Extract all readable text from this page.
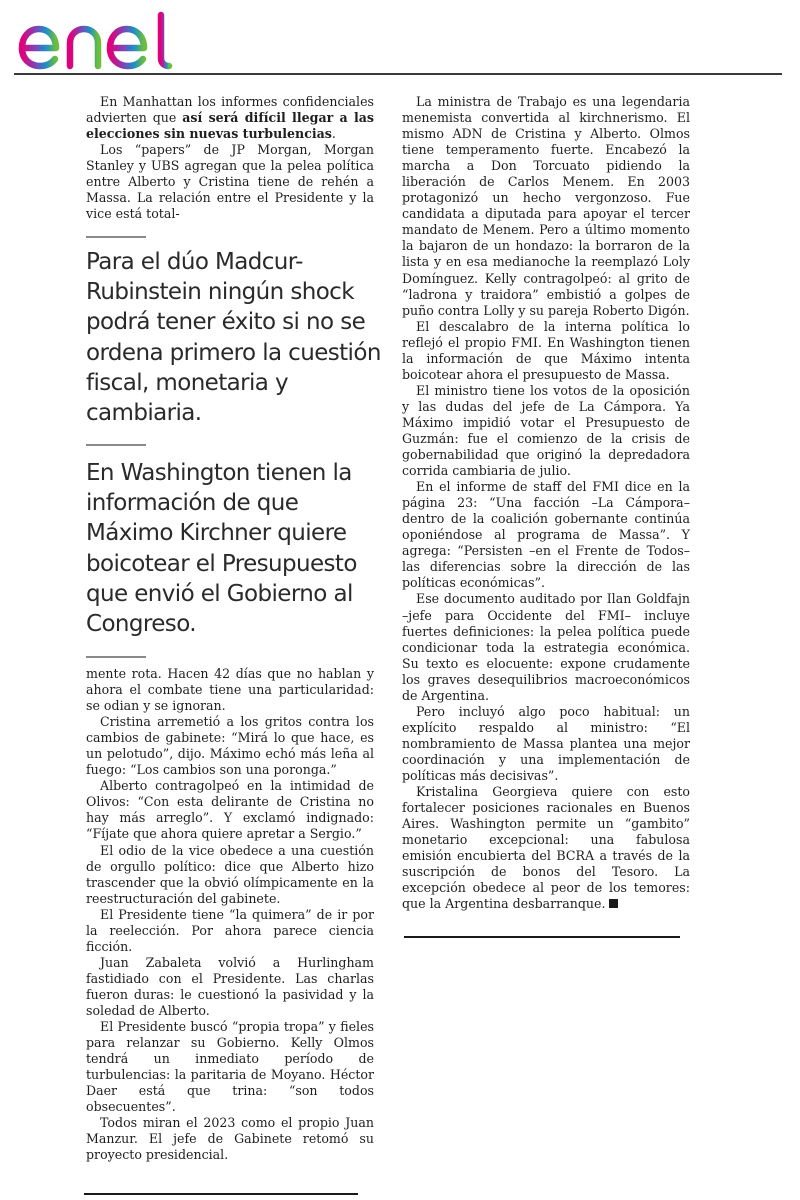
En Manhattan los informes confidenciales advierten que así será difícil llegar a las elecciones sin nuevas turbulencias.

Los “papers” de JP Morgan, Morgan Stanley y UBS agregan que la pelea política entre Alberto y Cristina tiene de rehén a Massa. La relación entre el Presidente y la vice está total-

Para el dúo Madcur-Rubinstein ningún shock podrá tener éxito si no se ordena primero la cuestión fiscal, monetaria y cambiaria.
En Washington tienen la información de que Máximo Kirchner quiere boicotear el Presupuesto que envió el Gobierno al Congreso.

mente rota. Hacen 42 días que no hablan y ahora el combate tiene una particularidad: se odian y se ignoran.

Cristina arremetió a los gritos contra los cambios de gabinete: “Mirá lo que hace, es un pelotudo”, dijo. Máximo echó más leña al fuego: “Los cambios son una poronga.”

Alberto contragolpeó en la intimidad de Olivos: “Con esta delirante de Cristina no hay más arreglo”. Y exclamó indignado: “Fíjate que ahora quiere apretar a Sergio.”

El odio de la vice obedece a una cuestión de orgullo político: dice que Alberto hizo trascender que la obvió olímpicamente en la reestructuración del gabinete.

El Presidente tiene “la quimera” de ir por la reelección. Por ahora parece ciencia ficción.

Juan Zabaleta volvió a Hurlingham fastidiado con el Presidente. Las charlas fueron duras: le cuestionó la pasividad y la soledad de Alberto.

El Presidente buscó “propia tropa” y fieles para relanzar su Gobierno. Kelly Olmos tendrá un inmediato período de turbulencias: la paritaria de Moyano. Héctor Daer está que trina: “son todos obsecuentes”.

Todos miran el 2023 como el propio Juan Manzur. El jefe de Gabinete retomó su proyecto presidencial.

La ministra de Trabajo es una legendaria menemista convertida al kirchnerismo. El mismo ADN de Cristina y Alberto. Olmos tiene temperamento fuerte. Encabezó la marcha a Don Torcuato pidiendo la liberación de Carlos Menem. En 2003 protagonizó un hecho vergonzoso. Fue candidata a diputada para apoyar el tercer mandato de Menem. Pero a último momento la bajaron de un hondazo: la borraron de la lista y en esa medianoche la reemplazó Loly Domínguez. Kelly contragolpeó: al grito de “ladrona y traidora” embistió a golpes de puño contra Lolly y su pareja Roberto Digón.

El descalabro de la interna política lo reflejó el propio FMI. En Washington tienen la información de que Máximo intenta boicotear ahora el presupuesto de Massa.

El ministro tiene los votos de la oposición y las dudas del jefe de La Cámpora. Ya Máximo impidió votar el Presupuesto de Guzmán: fue el comienzo de la crisis de gobernabilidad que originó la depredadora corrida cambiaria de julio.

En el informe de staff del FMI dice en la página 23: “Una facción –La Cámpora– dentro de la coalición gobernante continúa oponiéndose al programa de Massa”. Y agrega: “Persisten –en el Frente de Todos– las diferencias sobre la dirección de las políticas económicas”.

Ese documento auditado por Ilan Goldfajn –jefe para Occidente del FMI– incluye fuertes definiciones: la pelea política puede condicionar toda la estrategia económica. Su texto es elocuente: expone crudamente los graves desequilibrios macroeconómicos de Argentina.

Pero incluyó algo poco habitual: un explícito respaldo al ministro: “El nombramiento de Massa plantea una mejor coordinación y una implementación de políticas más decisivas”.

Kristalina Georgieva quiere con esto fortalecer posiciones racionales en Buenos Aires. Washington permite un “gambito” monetario excepcional: una fabulosa emisión encubierta del BCRA a través de la suscripción de bonos del Tesoro. La excepción obedece al peor de los temores: que la Argentina desbarranque.
